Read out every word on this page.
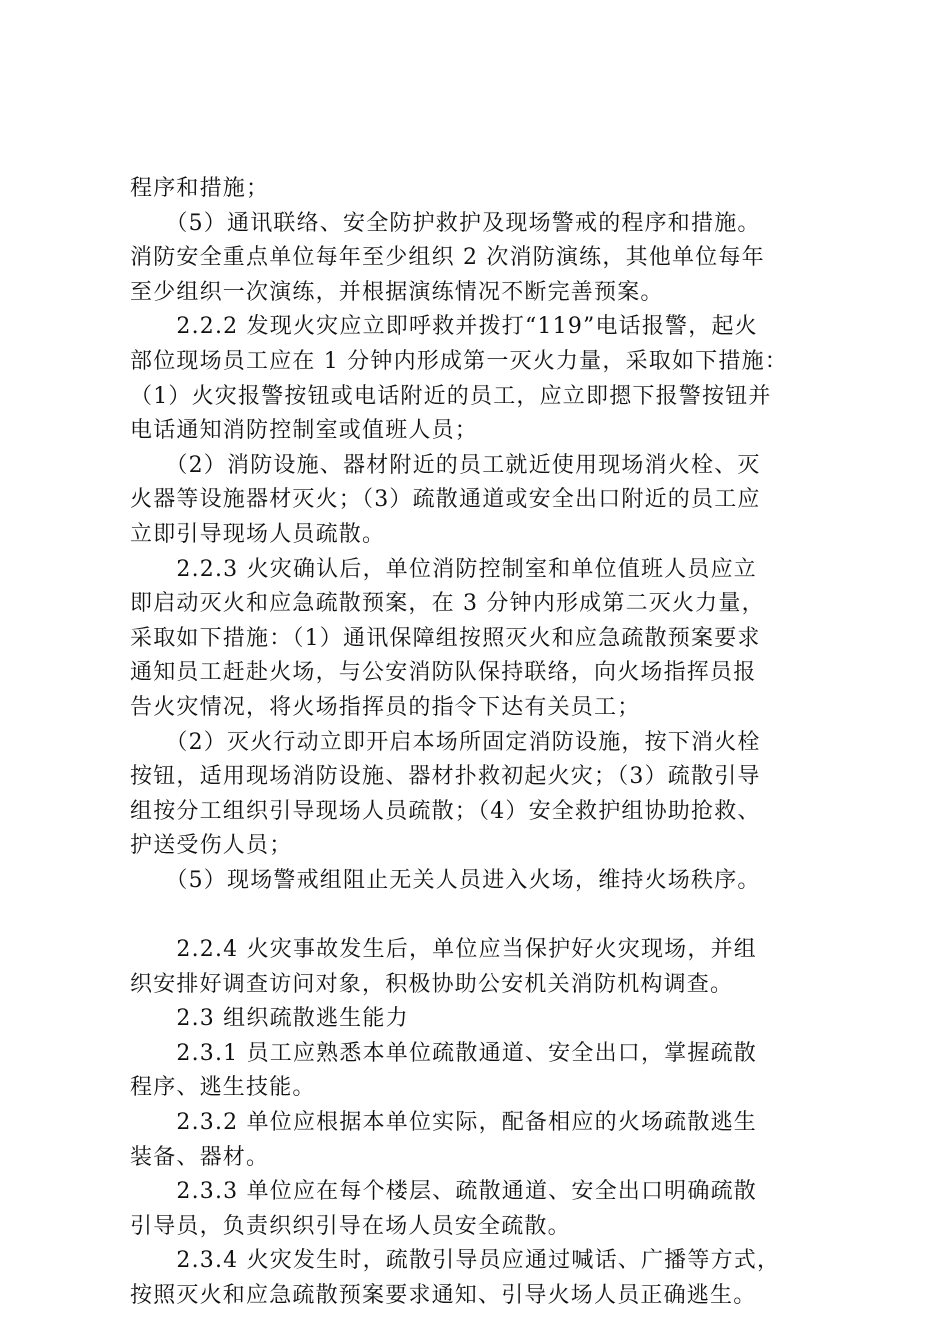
程序和措施；
　　（5）通讯联络、安全防护救护及现场警戒的程序和措施。
消防安全重点单位每年至少组织 2 次消防演练，其他单位每年
至少组织一次演练，并根据演练情况不断完善预案。
　　2.2.2 发现火灾应立即呼救并拨打“119”电话报警，起火
部位现场员工应在 1 分钟内形成第一灭火力量，采取如下措施：
（1）火灾报警按钮或电话附近的员工，应立即摁下报警按钮并
电话通知消防控制室或值班人员；
　　（2）消防设施、器材附近的员工就近使用现场消火栓、灭
火器等设施器材灭火；（3）疏散通道或安全出口附近的员工应
立即引导现场人员疏散。
　　2.2.3 火灾确认后，单位消防控制室和单位值班人员应立
即启动灭火和应急疏散预案，在 3 分钟内形成第二灭火力量，
采取如下措施：（1）通讯保障组按照灭火和应急疏散预案要求
通知员工赶赴火场，与公安消防队保持联络，向火场指挥员报
告火灾情况，将火场指挥员的指令下达有关员工；
　　（2）灭火行动立即开启本场所固定消防设施，按下消火栓
按钮，适用现场消防设施、器材扑救初起火灾；（3）疏散引导
组按分工组织引导现场人员疏散；（4）安全救护组协助抢救、
护送受伤人员；
　　（5）现场警戒组阻止无关人员进入火场，维持火场秩序。
　　2.2.4 火灾事故发生后，单位应当保护好火灾现场，并组
织安排好调查访问对象，积极协助公安机关消防机构调查。
　　2.3 组织疏散逃生能力
　　2.3.1 员工应熟悉本单位疏散通道、安全出口，掌握疏散
程序、逃生技能。
　　2.3.2 单位应根据本单位实际，配备相应的火场疏散逃生
装备、器材。
　　2.3.3 单位应在每个楼层、疏散通道、安全出口明确疏散
引导员，负责织织引导在场人员安全疏散。
　　2.3.4 火灾发生时，疏散引导员应通过喊话、广播等方式，
按照灭火和应急疏散预案要求通知、引导火场人员正确逃生。
